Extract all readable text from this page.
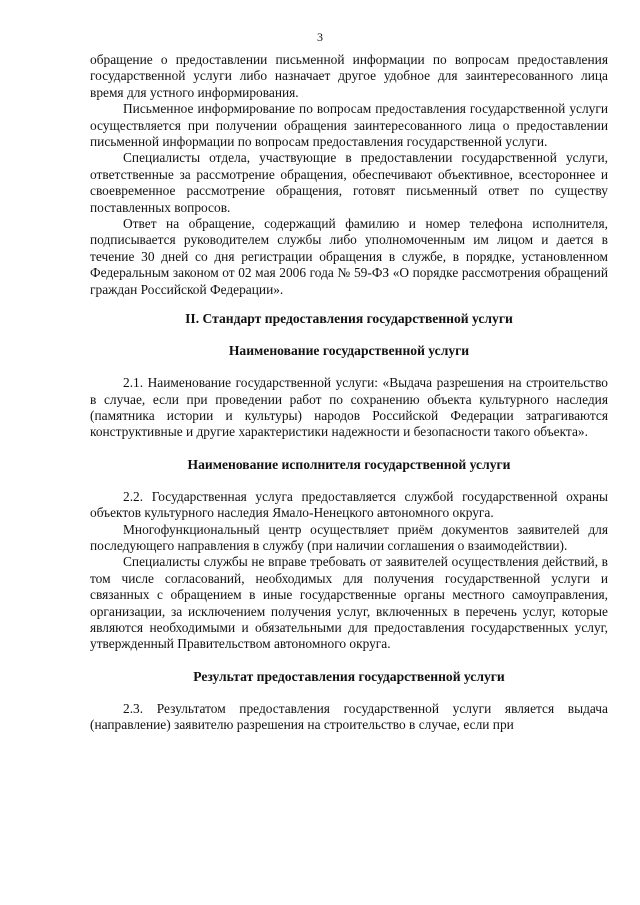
3

обращение о предоставлении письменной информации по вопросам предоставления государственной услуги либо назначает другое удобное для заинтересованного лица время для устного информирования.

Письменное информирование по вопросам предоставления государственной услуги осуществляется при получении обращения заинтересованного лица о предоставлении письменной информации по вопросам предоставления государственной услуги.

Специалисты отдела, участвующие в предоставлении государственной услуги, ответственные за рассмотрение обращения, обеспечивают объективное, всестороннее и своевременное рассмотрение обращения, готовят письменный ответ по существу поставленных вопросов.

Ответ на обращение, содержащий фамилию и номер телефона исполнителя, подписывается руководителем службы либо уполномоченным им лицом и дается в течение 30 дней со дня регистрации обращения в службе, в порядке, установленном Федеральным законом от 02 мая 2006 года № 59-ФЗ «О порядке рассмотрения обращений граждан Российской Федерации».

II. Стандарт предоставления государственной услуги
Наименование государственной услуги

2.1. Наименование государственной услуги: «Выдача разрешения на строительство в случае, если при проведении работ по сохранению объекта культурного наследия (памятника истории и культуры) народов Российской Федерации затрагиваются конструктивные и другие характеристики надежности и безопасности такого объекта».

Наименование исполнителя государственной услуги

2.2. Государственная услуга предоставляется службой государственной охраны объектов культурного наследия Ямало-Ненецкого автономного округа.

Многофункциональный центр осуществляет приём документов заявителей для последующего направления в службу (при наличии соглашения о взаимодействии).

Специалисты службы не вправе требовать от заявителей осуществления действий, в том числе согласований, необходимых для получения государственной услуги и связанных с обращением в иные государственные органы местного самоуправления, организации, за исключением получения услуг, включенных в перечень услуг, которые являются необходимыми и обязательными для предоставления государственных услуг, утвержденный Правительством автономного округа.

Результат предоставления государственной услуги

2.3. Результатом предоставления государственной услуги является выдача (направление) заявителю разрешения на строительство в случае, если при
